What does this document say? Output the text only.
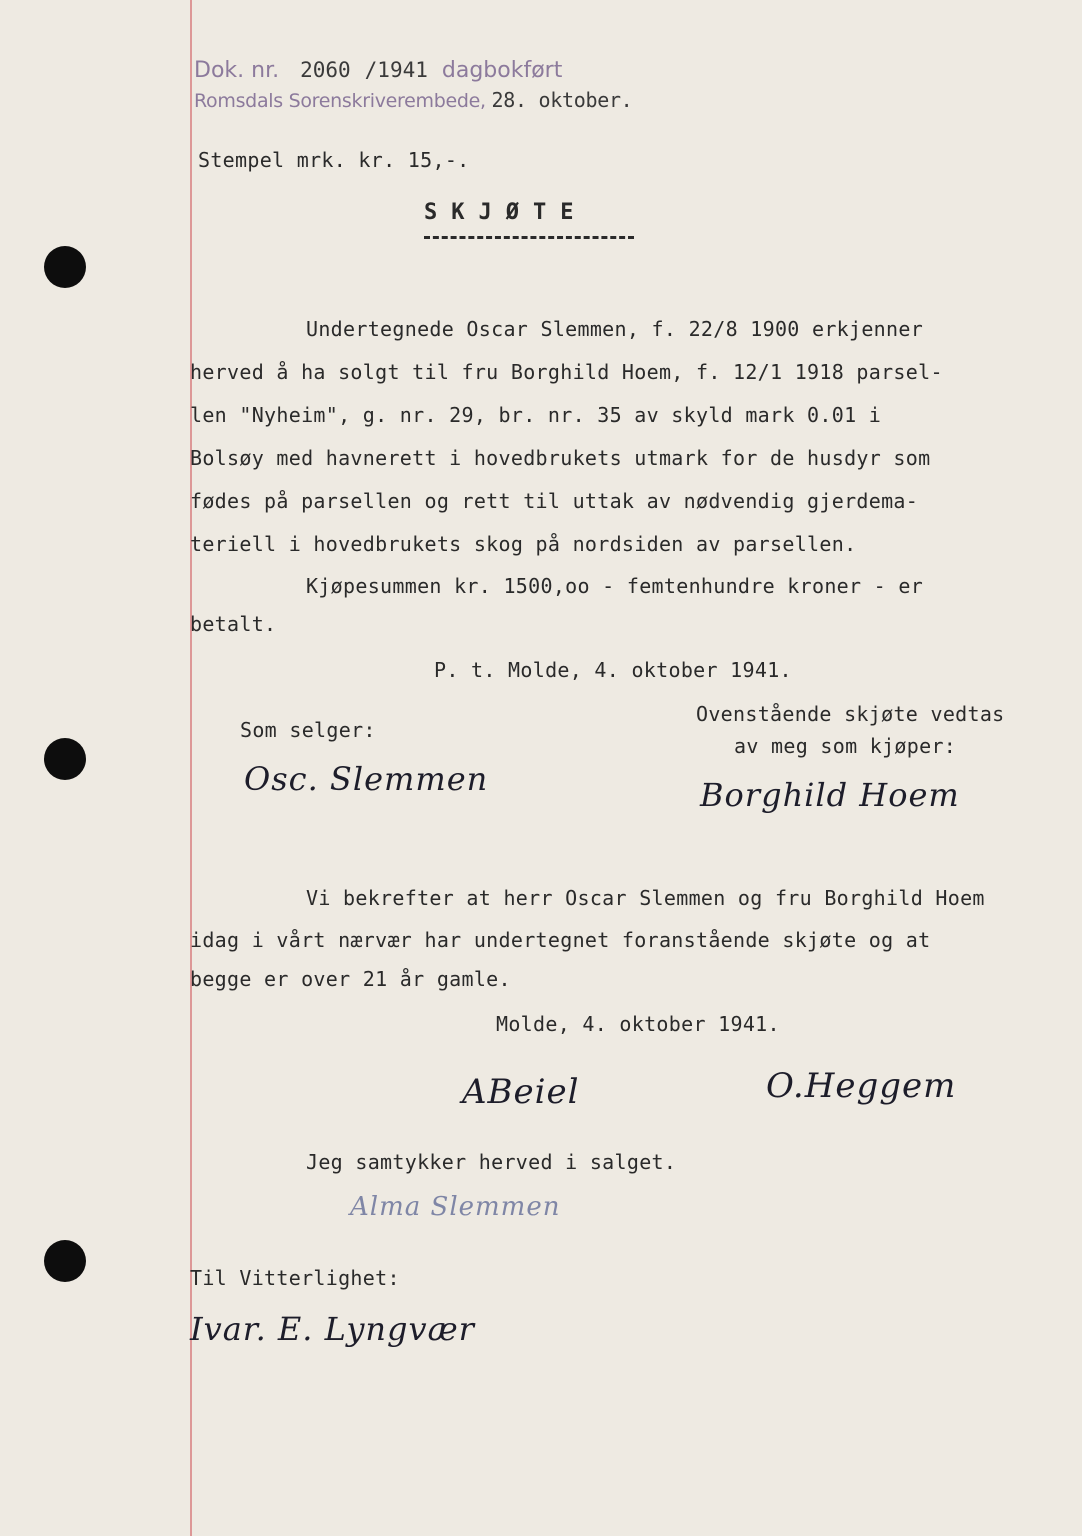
Dok. nr. 2060 /1941 dagbokført
Romsdals Sorenskriverembede, 28. oktober.
Stempel mrk. kr. 15,-.
SKJØTE
Undertegnede Oscar Slemmen, f. 22/8 1900 erkjenner
herved å ha solgt til fru Borghild Hoem, f. 12/1 1918 parsel-
len "Nyheim", g. nr. 29, br. nr. 35 av skyld mark 0.01 i
Bolsøy med havnerett i hovedbrukets utmark for de husdyr som
fødes på parsellen og rett til uttak av nødvendig gjerdema-
teriell i hovedbrukets skog på nordsiden av parsellen.
Kjøpesummen kr. 1500,oo - femtenhundre kroner - er
betalt.
P. t. Molde, 4. oktober 1941.
Som selger:
Ovenstående skjøte vedtas
av meg som kjøper:
Osc. Slemmen	Borghild Hoem
Vi bekrefter at herr Oscar Slemmen og fru Borghild Hoem
idag i vårt nærvær har undertegnet foranstående skjøte og at
begge er over 21 år gamle.
Molde, 4. oktober 1941.
ABeiel	O.Heggem
Jeg samtykker herved i salget.
Alma Slemmen
Til Vitterlighet:
Ivar. E. Lyngvær
